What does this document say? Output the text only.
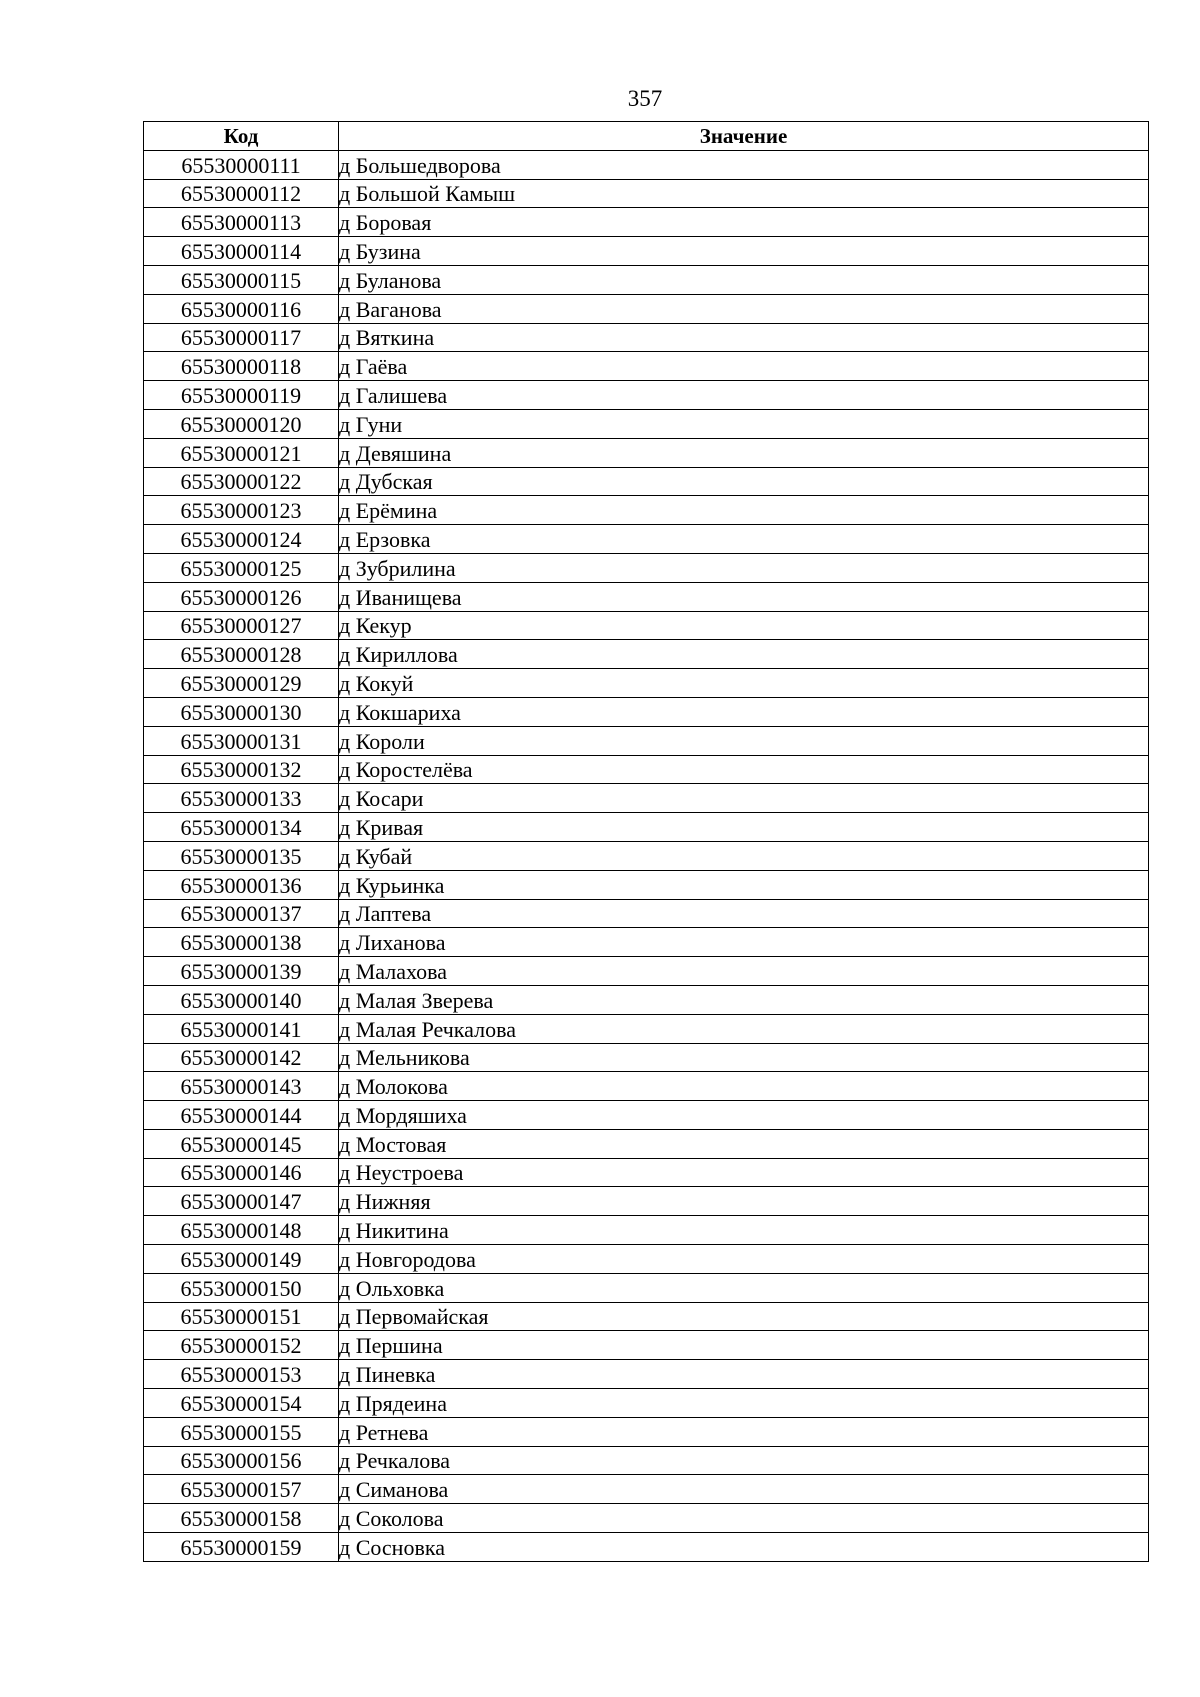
357
Код	Значение
65530000111	д Большедворова
65530000112	д Большой Камыш
65530000113	д Боровая
65530000114	д Бузина
65530000115	д Буланова
65530000116	д Ваганова
65530000117	д Вяткина
65530000118	д Гаёва
65530000119	д Галишева
65530000120	д Гуни
65530000121	д Девяшина
65530000122	д Дубская
65530000123	д Ерёмина
65530000124	д Ерзовка
65530000125	д Зубрилина
65530000126	д Иванищева
65530000127	д Кекур
65530000128	д Кириллова
65530000129	д Кокуй
65530000130	д Кокшариха
65530000131	д Короли
65530000132	д Коростелёва
65530000133	д Косари
65530000134	д Кривая
65530000135	д Кубай
65530000136	д Курьинка
65530000137	д Лаптева
65530000138	д Лиханова
65530000139	д Малахова
65530000140	д Малая Зверева
65530000141	д Малая Речкалова
65530000142	д Мельникова
65530000143	д Молокова
65530000144	д Мордяшиха
65530000145	д Мостовая
65530000146	д Неустроева
65530000147	д Нижняя
65530000148	д Никитина
65530000149	д Новгородова
65530000150	д Ольховка
65530000151	д Первомайская
65530000152	д Першина
65530000153	д Пиневка
65530000154	д Прядеина
65530000155	д Ретнева
65530000156	д Речкалова
65530000157	д Симанова
65530000158	д Соколова
65530000159	д Сосновка
